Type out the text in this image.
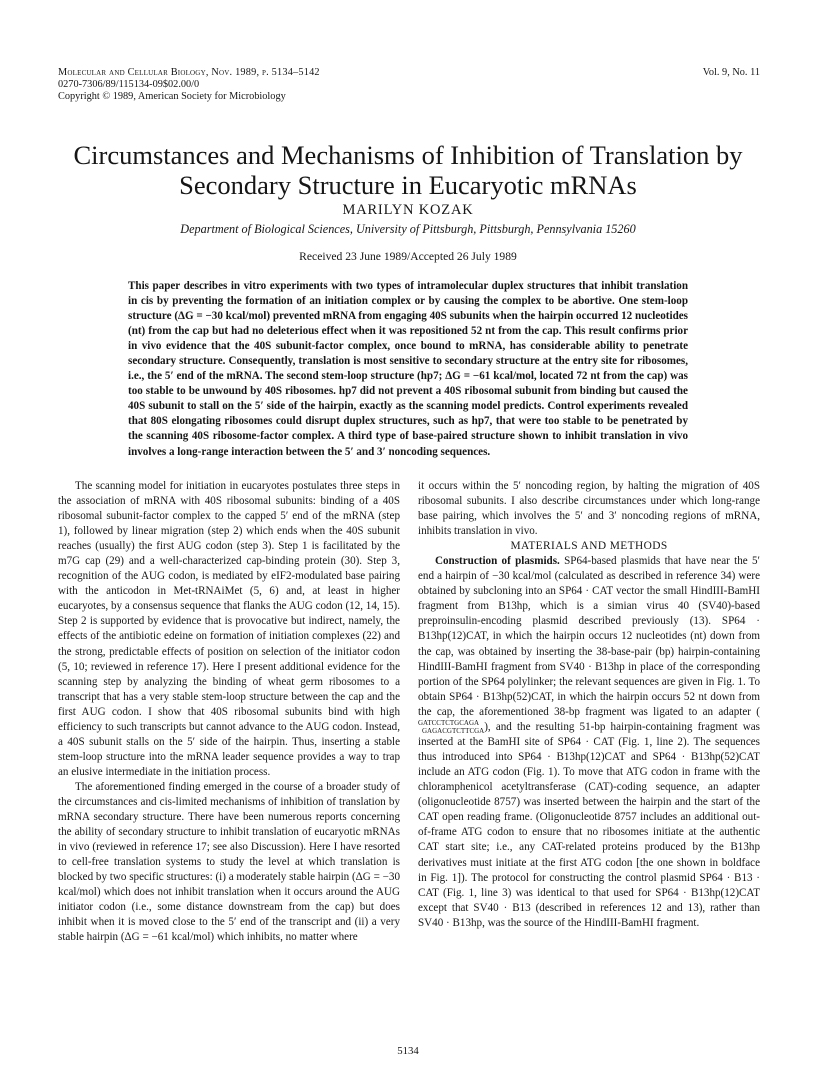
Molecular and Cellular Biology, Nov. 1989, p. 5134–5142	Vol. 9, No. 11
0270-7306/89/115134-09$02.00/0
Copyright © 1989, American Society for Microbiology
Circumstances and Mechanisms of Inhibition of Translation by
Secondary Structure in Eucaryotic mRNAs
MARILYN KOZAK
Department of Biological Sciences, University of Pittsburgh, Pittsburgh, Pennsylvania 15260
Received 23 June 1989/Accepted 26 July 1989
This paper describes in vitro experiments with two types of intramolecular duplex structures that inhibit translation in cis by preventing the formation of an initiation complex or by causing the complex to be abortive. One stem-loop structure (ΔG = −30 kcal/mol) prevented mRNA from engaging 40S subunits when the hairpin occurred 12 nucleotides (nt) from the cap but had no deleterious effect when it was repositioned 52 nt from the cap. This result confirms prior in vivo evidence that the 40S subunit-factor complex, once bound to mRNA, has considerable ability to penetrate secondary structure. Consequently, translation is most sensitive to secondary structure at the entry site for ribosomes, i.e., the 5′ end of the mRNA. The second stem-loop structure (hp7; ΔG = −61 kcal/mol, located 72 nt from the cap) was too stable to be unwound by 40S ribosomes. hp7 did not prevent a 40S ribosomal subunit from binding but caused the 40S subunit to stall on the 5′ side of the hairpin, exactly as the scanning model predicts. Control experiments revealed that 80S elongating ribosomes could disrupt duplex structures, such as hp7, that were too stable to be penetrated by the scanning 40S ribosome-factor complex. A third type of base-paired structure shown to inhibit translation in vivo involves a long-range interaction between the 5′ and 3′ noncoding sequences.

The scanning model for initiation in eucaryotes postulates three steps in the association of mRNA with 40S ribosomal subunits: binding of a 40S ribosomal subunit-factor complex to the capped 5′ end of the mRNA (step 1), followed by linear migration (step 2) which ends when the 40S subunit reaches (usually) the first AUG codon (step 3). Step 1 is facilitated by the m7G cap (29) and a well-characterized cap-binding protein (30). Step 3, recognition of the AUG codon, is mediated by eIF2-modulated base pairing with the anticodon in Met-tRNAiMet (5, 6) and, at least in higher eucaryotes, by a consensus sequence that flanks the AUG codon (12, 14, 15). Step 2 is supported by evidence that is provocative but indirect, namely, the effects of the antibiotic edeine on formation of initiation complexes (22) and the strong, predictable effects of position on selection of the initiator codon (5, 10; reviewed in reference 17). Here I present additional evidence for the scanning step by analyzing the binding of wheat germ ribosomes to a transcript that has a very stable stem-loop structure between the cap and the first AUG codon. I show that 40S ribosomal subunits bind with high efficiency to such transcripts but cannot advance to the AUG codon. Instead, a 40S subunit stalls on the 5′ side of the hairpin. Thus, inserting a stable stem-loop structure into the mRNA leader sequence provides a way to trap an elusive intermediate in the initiation process.

The aforementioned finding emerged in the course of a broader study of the circumstances and cis-limited mechanisms of inhibition of translation by mRNA secondary structure. There have been numerous reports concerning the ability of secondary structure to inhibit translation of eucaryotic mRNAs in vivo (reviewed in reference 17; see also Discussion). Here I have resorted to cell-free translation systems to study the level at which translation is blocked by two specific structures: (i) a moderately stable hairpin (ΔG = −30 kcal/mol) which does not inhibit translation when it occurs around the AUG initiator codon (i.e., some distance downstream from the cap) but does inhibit when it is moved close to the 5′ end of the transcript and (ii) a very stable hairpin (ΔG = −61 kcal/mol) which inhibits, no matter where

it occurs within the 5′ noncoding region, by halting the migration of 40S ribosomal subunits. I also describe circumstances under which long-range base pairing, which involves the 5′ and 3′ noncoding regions of mRNA, inhibits translation in vivo.

MATERIALS AND METHODS

Construction of plasmids. SP64-based plasmids that have near the 5′ end a hairpin of −30 kcal/mol (calculated as described in reference 34) were obtained by subcloning into an SP64 · CAT vector the small HindIII-BamHI fragment from B13hp, which is a simian virus 40 (SV40)-based preproinsulin-encoding plasmid described previously (13). SP64 · B13hp(12)CAT, in which the hairpin occurs 12 nucleotides (nt) down from the cap, was obtained by inserting the 38-base-pair (bp) hairpin-containing HindIII-BamHI fragment from SV40 · B13hp in place of the corresponding portion of the SP64 polylinker; the relevant sequences are given in Fig. 1. To obtain SP64 · B13hp(52)CAT, in which the hairpin occurs 52 nt down from the cap, the aforementioned 38-bp fragment was ligated to an adapter (
GATCCTCTGCAGA
GAGACGTCTTCGA ), and the resulting 51-bp hairpin-containing fragment was inserted at the BamHI site of SP64 · CAT (Fig. 1, line 2). The sequences thus introduced into SP64 · B13hp(12)CAT and SP64 · B13hp(52)CAT include an ATG codon (Fig. 1). To move that ATG codon in frame with the chloramphenicol acetyltransferase (CAT)-coding sequence, an adapter (oligonucleotide 8757) was inserted between the hairpin and the start of the CAT open reading frame. (Oligonucleotide 8757 includes an additional out-of-frame ATG codon to ensure that no ribosomes initiate at the authentic CAT start site; i.e., any CAT-related proteins produced by the B13hp derivatives must initiate at the first ATG codon [the one shown in boldface in Fig. 1]). The protocol for constructing the control plasmid SP64 · B13 · CAT (Fig. 1, line 3) was identical to that used for SP64 · B13hp(12)CAT except that SV40 · B13 (described in references 12 and 13), rather than SV40 · B13hp, was the source of the HindIII-BamHI fragment.

5134
